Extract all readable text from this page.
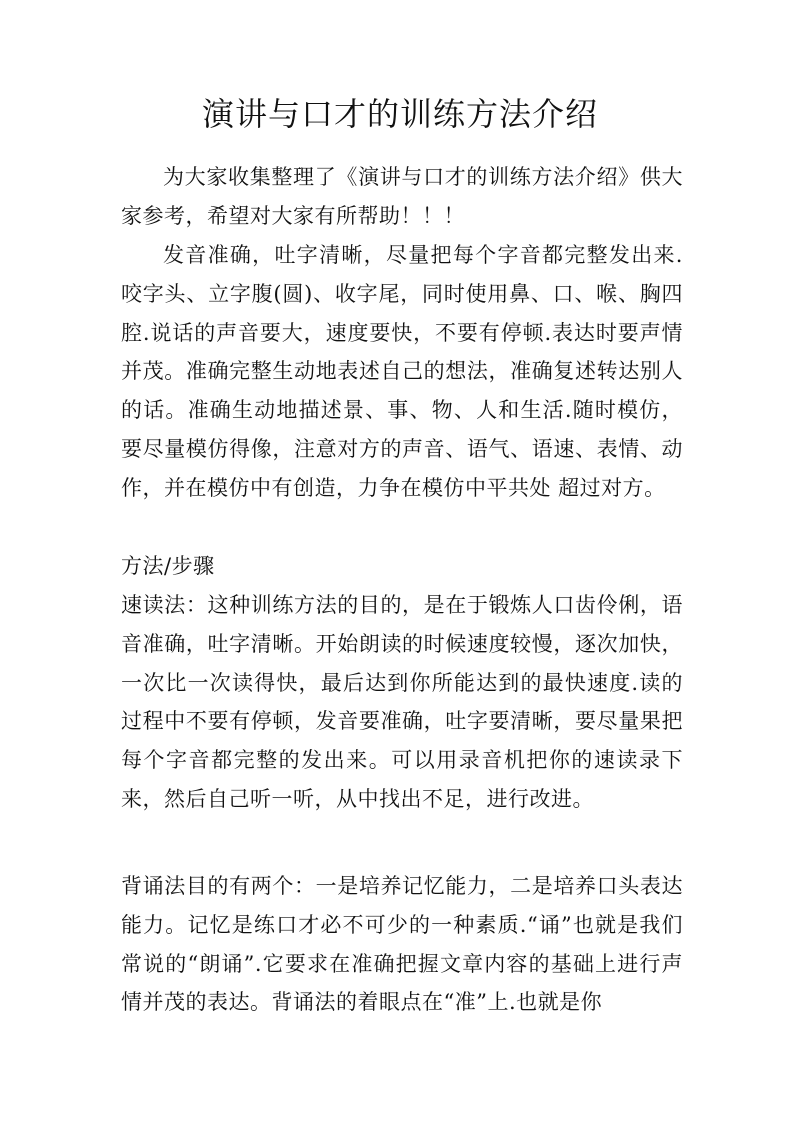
演讲与口才的训练方法介绍

为大家收集整理了《演讲与口才的训练方法介绍》供大家参考，希望对大家有所帮助！！！

发音准确，吐字清晰，尽量把每个字音都完整发出来.咬字头、立字腹(圆)、收字尾，同时使用鼻、口、喉、胸四腔.说话的声音要大，速度要快，不要有停顿.表达时要声情并茂。准确完整生动地表述自己的想法，准确复述转达别人的话。准确生动地描述景、事、物、人和生活.随时模仿，要尽量模仿得像，注意对方的声音、语气、语速、表情、动作，并在模仿中有创造，力争在模仿中平共处 超过对方。

方法/步骤

速读法：这种训练方法的目的，是在于锻炼人口齿伶俐，语音准确，吐字清晰。开始朗读的时候速度较慢，逐次加快，一次比一次读得快，最后达到你所能达到的最快速度.读的过程中不要有停顿，发音要准确，吐字要清晰，要尽量果把每个字音都完整的发出来。可以用录音机把你的速读录下来，然后自己听一听，从中找出不足，进行改进。

背诵法目的有两个：一是培养记忆能力，二是培养口头表达能力。记忆是练口才必不可少的一种素质.“诵”也就是我们常说的“朗诵”.它要求在准确把握文章内容的基础上进行声情并茂的表达。背诵法的着眼点在“准”上.也就是你
